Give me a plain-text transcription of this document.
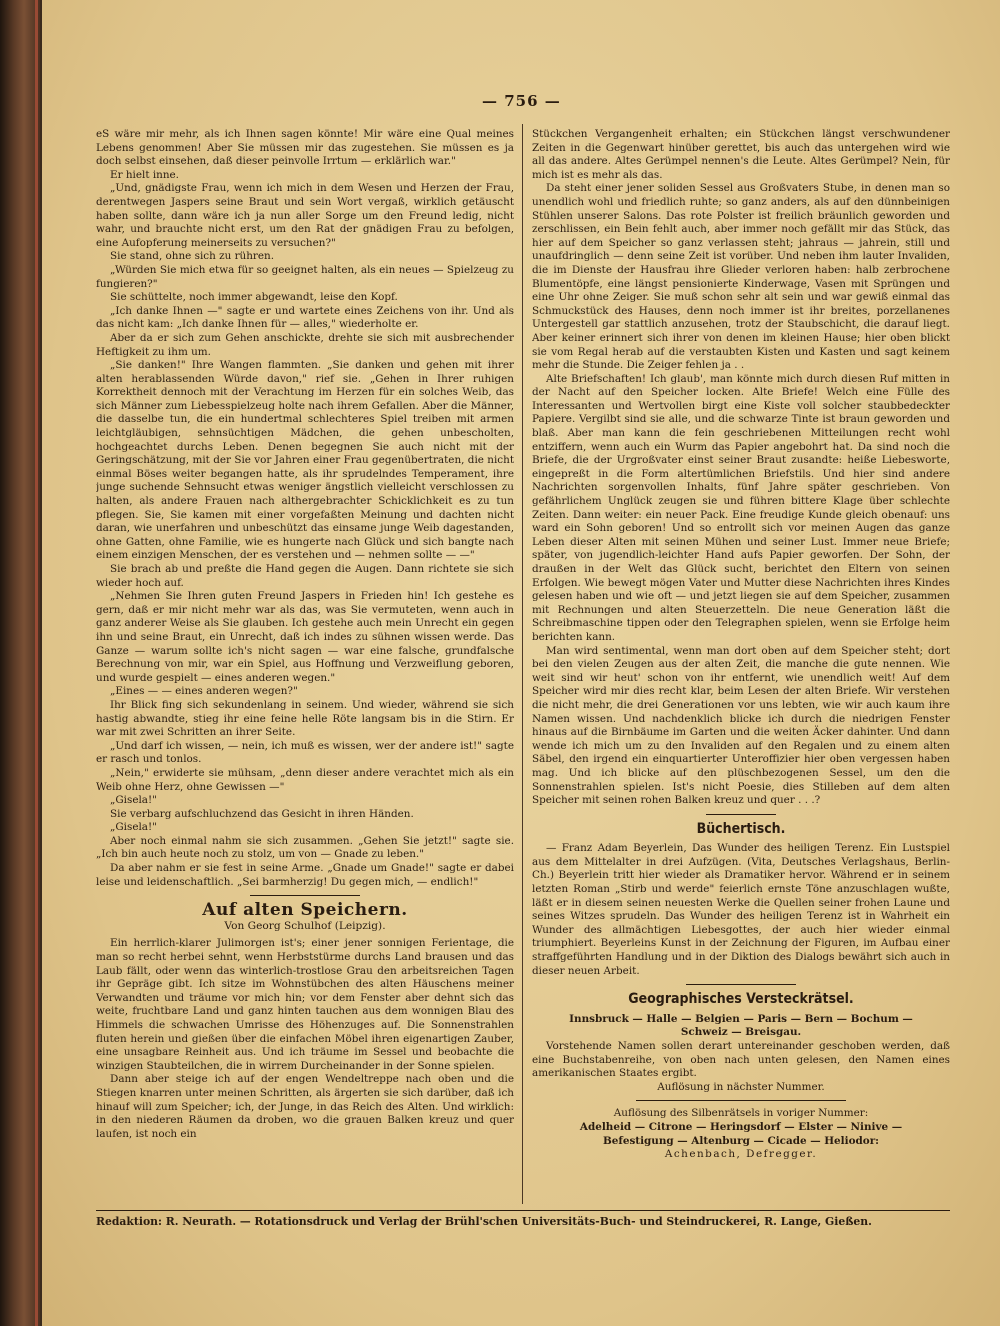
— 756 —

eS wäre mir mehr, als ich Ihnen sagen könnte! Mir wäre eine Qual meines Lebens genommen! Aber Sie müssen mir das zugestehen. Sie müssen es ja doch selbst einsehen, daß dieser peinvolle Irrtum — erklärlich war."

Er hielt inne.

„Und, gnädigste Frau, wenn ich mich in dem Wesen und Herzen der Frau, derentwegen Jaspers seine Braut und sein Wort vergaß, wirklich getäuscht haben sollte, dann wäre ich ja nun aller Sorge um den Freund ledig, nicht wahr, und brauchte nicht erst, um den Rat der gnädigen Frau zu befolgen, eine Aufopferung meinerseits zu versuchen?"

Sie stand, ohne sich zu rühren.

„Würden Sie mich etwa für so geeignet halten, als ein neues — Spielzeug zu fungieren?"

Sie schüttelte, noch immer abgewandt, leise den Kopf.

„Ich danke Ihnen —" sagte er und wartete eines Zeichens von ihr. Und als das nicht kam: „Ich danke Ihnen für — alles," wiederholte er.

Aber da er sich zum Gehen anschickte, drehte sie sich mit ausbrechender Heftigkeit zu ihm um.

„Sie danken!" Ihre Wangen flammten. „Sie danken und gehen mit ihrer alten herablassenden Würde davon," rief sie. „Gehen in Ihrer ruhigen Korrektheit dennoch mit der Verachtung im Herzen für ein solches Weib, das sich Männer zum Liebesspielzeug holte nach ihrem Gefallen. Aber die Männer, die dasselbe tun, die ein hundertmal schlechteres Spiel treiben mit armen leichtgläubigen, sehnsüchtigen Mädchen, die gehen unbescholten, hochgeachtet durchs Leben. Denen begegnen Sie auch nicht mit der Geringschätzung, mit der Sie vor Jahren einer Frau gegenübertraten, die nicht einmal Böses weiter begangen hatte, als ihr sprudelndes Temperament, ihre junge suchende Sehnsucht etwas weniger ängstlich vielleicht verschlossen zu halten, als andere Frauen nach althergebrachter Schicklichkeit es zu tun pflegen. Sie, Sie kamen mit einer vorgefaßten Meinung und dachten nicht daran, wie unerfahren und unbeschützt das einsame junge Weib dagestanden, ohne Gatten, ohne Familie, wie es hungerte nach Glück und sich bangte nach einem einzigen Menschen, der es verstehen und — nehmen sollte — —"

Sie brach ab und preßte die Hand gegen die Augen. Dann richtete sie sich wieder hoch auf.

„Nehmen Sie Ihren guten Freund Jaspers in Frieden hin! Ich gestehe es gern, daß er mir nicht mehr war als das, was Sie vermuteten, wenn auch in ganz anderer Weise als Sie glauben. Ich gestehe auch mein Unrecht ein gegen ihn und seine Braut, ein Unrecht, daß ich indes zu sühnen wissen werde. Das Ganze — warum sollte ich's nicht sagen — war eine falsche, grundfalsche Berechnung von mir, war ein Spiel, aus Hoffnung und Verzweiflung geboren, und wurde gespielt — eines anderen wegen."

„Eines — — eines anderen wegen?"

Ihr Blick fing sich sekundenlang in seinem. Und wieder, während sie sich hastig abwandte, stieg ihr eine feine helle Röte langsam bis in die Stirn. Er war mit zwei Schritten an ihrer Seite.

„Und darf ich wissen, — nein, ich muß es wissen, wer der andere ist!" sagte er rasch und tonlos.

„Nein," erwiderte sie mühsam, „denn dieser andere verachtet mich als ein Weib ohne Herz, ohne Gewissen —"

„Gisela!"

Sie verbarg aufschluchzend das Gesicht in ihren Händen.

„Gisela!"

Aber noch einmal nahm sie sich zusammen. „Gehen Sie jetzt!" sagte sie. „Ich bin auch heute noch zu stolz, um von — Gnade zu leben."

Da aber nahm er sie fest in seine Arme. „Gnade um Gnade!" sagte er dabei leise und leidenschaftlich. „Sei barmherzig! Du gegen mich, — endlich!"

Auf alten Speichern.
Von Georg Schulhof (Leipzig).

Ein herrlich-klarer Julimorgen ist's; einer jener sonnigen Ferientage, die man so recht herbei sehnt, wenn Herbststürme durchs Land brausen und das Laub fällt, oder wenn das winterlich-trostlose Grau den arbeitsreichen Tagen ihr Gepräge gibt. Ich sitze im Wohnstübchen des alten Häuschens meiner Verwandten und träume vor mich hin; vor dem Fenster aber dehnt sich das weite, fruchtbare Land und ganz hinten tauchen aus dem wonnigen Blau des Himmels die schwachen Umrisse des Höhenzuges auf. Die Sonnenstrahlen fluten herein und gießen über die einfachen Möbel ihren eigenartigen Zauber, eine unsagbare Reinheit aus. Und ich träume im Sessel und beobachte die winzigen Staubteilchen, die in wirrem Durcheinander in der Sonne spielen.

Dann aber steige ich auf der engen Wendeltreppe nach oben und die Stiegen knarren unter meinen Schritten, als ärgerten sie sich darüber, daß ich hinauf will zum Speicher; ich, der Junge, in das Reich des Alten. Und wirklich: in den niederen Räumen da droben, wo die grauen Balken kreuz und quer laufen, ist noch ein

Stückchen Vergangenheit erhalten; ein Stückchen längst verschwundener Zeiten in die Gegenwart hinüber gerettet, bis auch das untergehen wird wie all das andere. Altes Gerümpel nennen's die Leute. Altes Gerümpel? Nein, für mich ist es mehr als das.

Da steht einer jener soliden Sessel aus Großvaters Stube, in denen man so unendlich wohl und friedlich ruhte; so ganz anders, als auf den dünnbeinigen Stühlen unserer Salons. Das rote Polster ist freilich bräunlich geworden und zerschlissen, ein Bein fehlt auch, aber immer noch gefällt mir das Stück, das hier auf dem Speicher so ganz verlassen steht; jahraus — jahrein, still und unaufdringlich — denn seine Zeit ist vorüber. Und neben ihm lauter Invaliden, die im Dienste der Hausfrau ihre Glieder verloren haben: halb zerbrochene Blumentöpfe, eine längst pensionierte Kinderwage, Vasen mit Sprüngen und eine Uhr ohne Zeiger. Sie muß schon sehr alt sein und war gewiß einmal das Schmuckstück des Hauses, denn noch immer ist ihr breites, porzellanenes Untergestell gar stattlich anzusehen, trotz der Staubschicht, die darauf liegt. Aber keiner erinnert sich ihrer von denen im kleinen Hause; hier oben blickt sie vom Regal herab auf die verstaubten Kisten und Kasten und sagt keinem mehr die Stunde. Die Zeiger fehlen ja . .

Alte Briefschaften! Ich glaub', man könnte mich durch diesen Ruf mitten in der Nacht auf den Speicher locken. Alte Briefe! Welch eine Fülle des Interessanten und Wertvollen birgt eine Kiste voll solcher staubbedeckter Papiere. Vergilbt sind sie alle, und die schwarze Tinte ist braun geworden und blaß. Aber man kann die fein geschriebenen Mitteilungen recht wohl entziffern, wenn auch ein Wurm das Papier angebohrt hat. Da sind noch die Briefe, die der Urgroßvater einst seiner Braut zusandte: heiße Liebesworte, eingepreßt in die Form altertümlichen Briefstils. Und hier sind andere Nachrichten sorgenvollen Inhalts, fünf Jahre später geschrieben. Von gefährlichem Unglück zeugen sie und führen bittere Klage über schlechte Zeiten. Dann weiter: ein neuer Pack. Eine freudige Kunde gleich obenauf: uns ward ein Sohn geboren! Und so entrollt sich vor meinen Augen das ganze Leben dieser Alten mit seinen Mühen und seiner Lust. Immer neue Briefe; später, von jugendlich-leichter Hand aufs Papier geworfen. Der Sohn, der draußen in der Welt das Glück sucht, berichtet den Eltern von seinen Erfolgen. Wie bewegt mögen Vater und Mutter diese Nachrichten ihres Kindes gelesen haben und wie oft — und jetzt liegen sie auf dem Speicher, zusammen mit Rechnungen und alten Steuerzetteln. Die neue Generation läßt die Schreibmaschine tippen oder den Telegraphen spielen, wenn sie Erfolge heim berichten kann.

Man wird sentimental, wenn man dort oben auf dem Speicher steht; dort bei den vielen Zeugen aus der alten Zeit, die manche die gute nennen. Wie weit sind wir heut' schon von ihr entfernt, wie unendlich weit! Auf dem Speicher wird mir dies recht klar, beim Lesen der alten Briefe. Wir verstehen die nicht mehr, die drei Generationen vor uns lebten, wie wir auch kaum ihre Namen wissen. Und nachdenklich blicke ich durch die niedrigen Fenster hinaus auf die Birnbäume im Garten und die weiten Äcker dahinter. Und dann wende ich mich um zu den Invaliden auf den Regalen und zu einem alten Säbel, den irgend ein einquartierter Unteroffizier hier oben vergessen haben mag. Und ich blicke auf den plüschbezogenen Sessel, um den die Sonnenstrahlen spielen. Ist's nicht Poesie, dies Stilleben auf dem alten Speicher mit seinen rohen Balken kreuz und quer . . .?

Büchertisch.

— Franz Adam Beyerlein, Das Wunder des heiligen Terenz. Ein Lustspiel aus dem Mittelalter in drei Aufzügen. (Vita, Deutsches Verlagshaus, Berlin-Ch.) Beyerlein tritt hier wieder als Dramatiker hervor. Während er in seinem letzten Roman „Stirb und werde" feierlich ernste Töne anzuschlagen wußte, läßt er in diesem seinen neuesten Werke die Quellen seiner frohen Laune und seines Witzes sprudeln. Das Wunder des heiligen Terenz ist in Wahrheit ein Wunder des allmächtigen Liebesgottes, der auch hier wieder einmal triumphiert. Beyerleins Kunst in der Zeichnung der Figuren, im Aufbau einer straffgeführten Handlung und in der Diktion des Dialogs bewährt sich auch in dieser neuen Arbeit.

Geographisches Versteckrätsel.

Innsbruck — Halle — Belgien — Paris — Bern — Bochum —

Schweiz — Breisgau.

Vorstehende Namen sollen derart untereinander geschoben werden, daß eine Buchstabenreihe, von oben nach unten gelesen, den Namen eines amerikanischen Staates ergibt.

Auflösung in nächster Nummer.

Auflösung des Silbenrätsels in voriger Nummer:

Adelheid — Citrone — Heringsdorf — Elster — Ninive —

Befestigung — Altenburg — Cicade — Heliodor:

Achenbach, Defregger.

Redaktion: R. Neurath. — Rotationsdruck und Verlag der Brühl'schen Universitäts-Buch- und Steindruckerei, R. Lange, Gießen.
